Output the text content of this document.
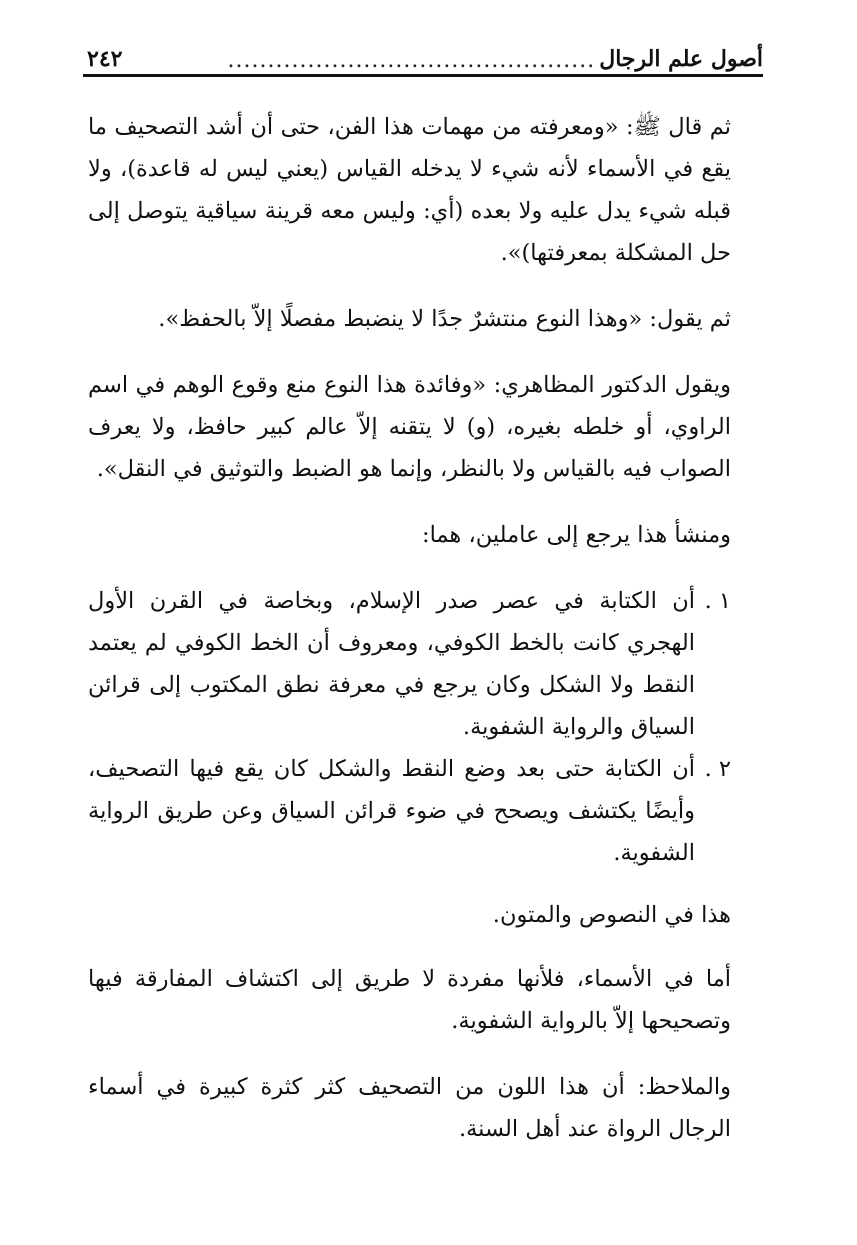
أصول علم الرجال
..............................................
٢٤٢

ثم قال ﷺ: «ومعرفته من مهمات هذا الفن، حتى أن أشد التصحيف ما يقع في الأسماء لأنه شيء لا يدخله القياس (يعني ليس له قاعدة)، ولا قبله شيء يدل عليه ولا بعده (أي: وليس معه قرينة سياقية يتوصل إلى حل المشكلة بمعرفتها)».

ثم يقول: «وهذا النوع منتشرٌ جدًا لا ينضبط مفصلًا إلاّ بالحفظ».

ويقول الدكتور المظاهري: «وفائدة هذا النوع منع وقوع الوهم في اسم الراوي، أو خلطه بغيره، (و) لا يتقنه إلاّ عالم كبير حافظ، ولا يعرف الصواب فيه بالقياس ولا بالنظر، وإنما هو الضبط والتوثيق في النقل».

ومنشأ هذا يرجع إلى عاملين، هما:

١ .
أن الكتابة في عصر صدر الإسلام، وبخاصة في القرن الأول الهجري كانت بالخط الكوفي، ومعروف أن الخط الكوفي لم يعتمد النقط ولا الشكل وكان يرجع في معرفة نطق المكتوب إلى قرائن السياق والرواية الشفوية.
٢ .
أن الكتابة حتى بعد وضع النقط والشكل كان يقع فيها التصحيف، وأيضًا يكتشف ويصحح في ضوء قرائن السياق وعن طريق الرواية الشفوية.

هذا في النصوص والمتون.

أما في الأسماء، فلأنها مفردة لا طريق إلى اكتشاف المفارقة فيها وتصحيحها إلاّ بالرواية الشفوية.

والملاحظ: أن هذا اللون من التصحيف كثر كثرة كبيرة في أسماء الرجال الرواة عند أهل السنة.
